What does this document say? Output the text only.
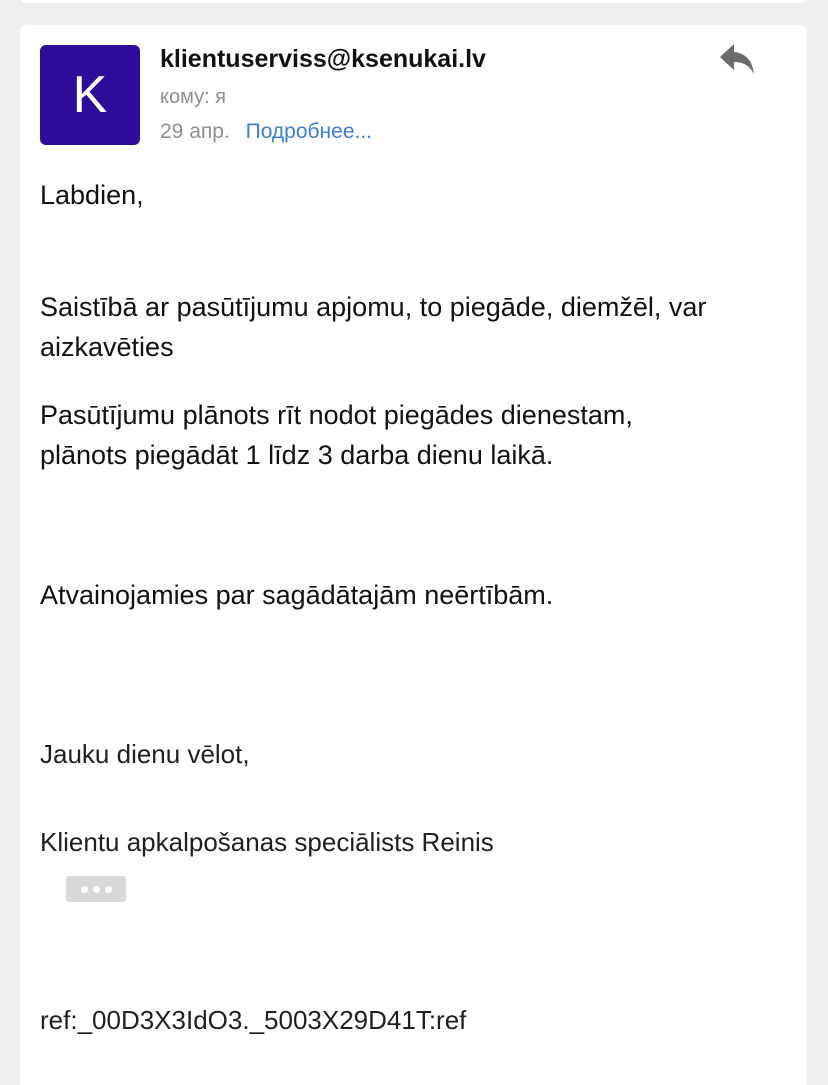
K
klientuserviss@ksenukai.lv
кому: я
29 апр. Подробнее...
Labdien,
Saistībā ar pasūtījumu apjomu, to piegāde, diemžēl, var
aizkavēties
Pasūtījumu plānots rīt nodot piegādes dienestam,
plānots piegādāt 1 līdz 3 darba dienu laikā.
Atvainojamies par sagādātajām neērtībām.
Jauku dienu vēlot,
Klientu apkalpošanas speciālists Reinis
ref:_00D3X3IdO3._5003X29D41T:ref
